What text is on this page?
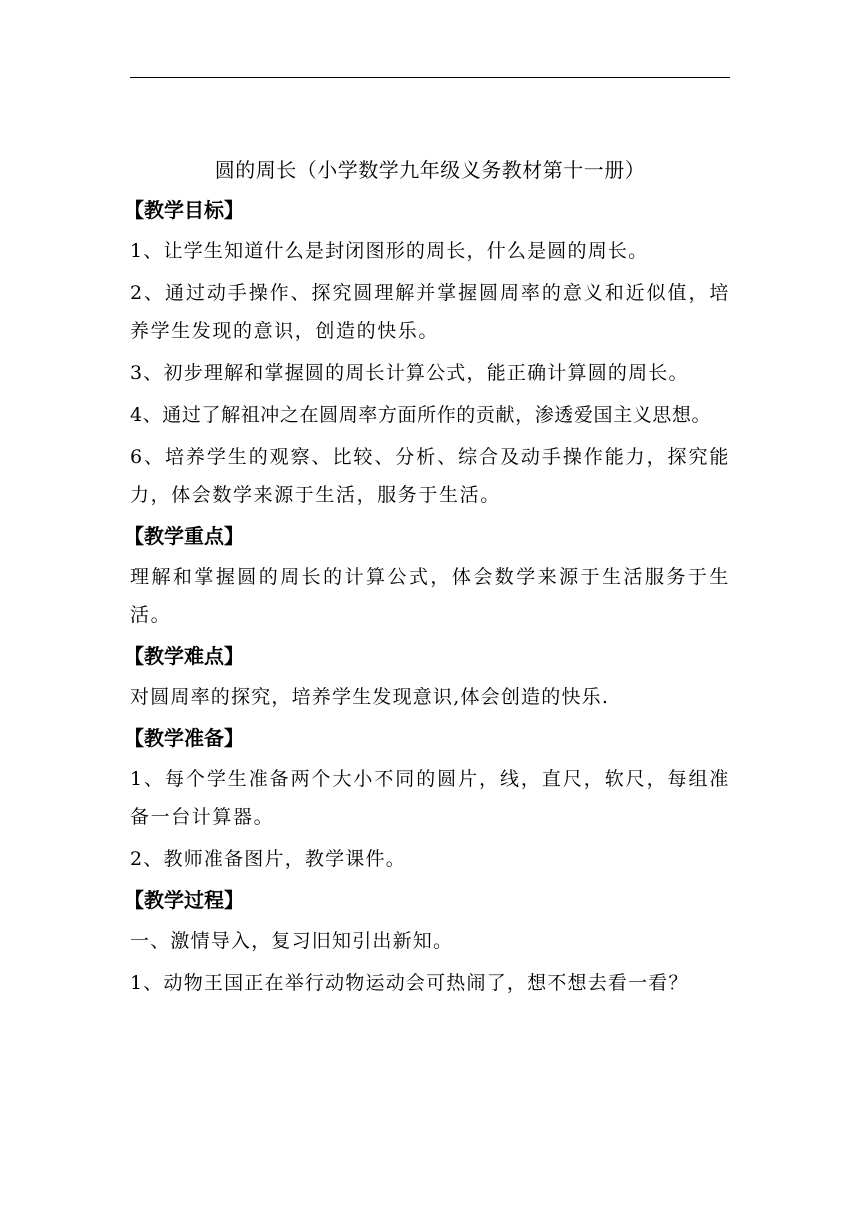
圆的周长（小学数学九年级义务教材第十一册）
【教学目标】
1、让学生知道什么是封闭图形的周长，什么是圆的周长。
2、通过动手操作、探究圆理解并掌握圆周率的意义和近似值，培养学生发现的意识，创造的快乐。
3、初步理解和掌握圆的周长计算公式，能正确计算圆的周长。
4、通过了解祖冲之在圆周率方面所作的贡献，渗透爱国主义思想。
6、培养学生的观察、比较、分析、综合及动手操作能力，探究能力，体会数学来源于生活，服务于生活。
【教学重点】
理解和掌握圆的周长的计算公式，体会数学来源于生活服务于生活。
【教学难点】
对圆周率的探究，培养学生发现意识,体会创造的快乐.
【教学准备】
1、每个学生准备两个大小不同的圆片，线，直尺，软尺，每组准备一台计算器。
2、教师准备图片，教学课件。
【教学过程】
一、激情导入，复习旧知引出新知。
1、动物王国正在举行动物运动会可热闹了，想不想去看一看？
